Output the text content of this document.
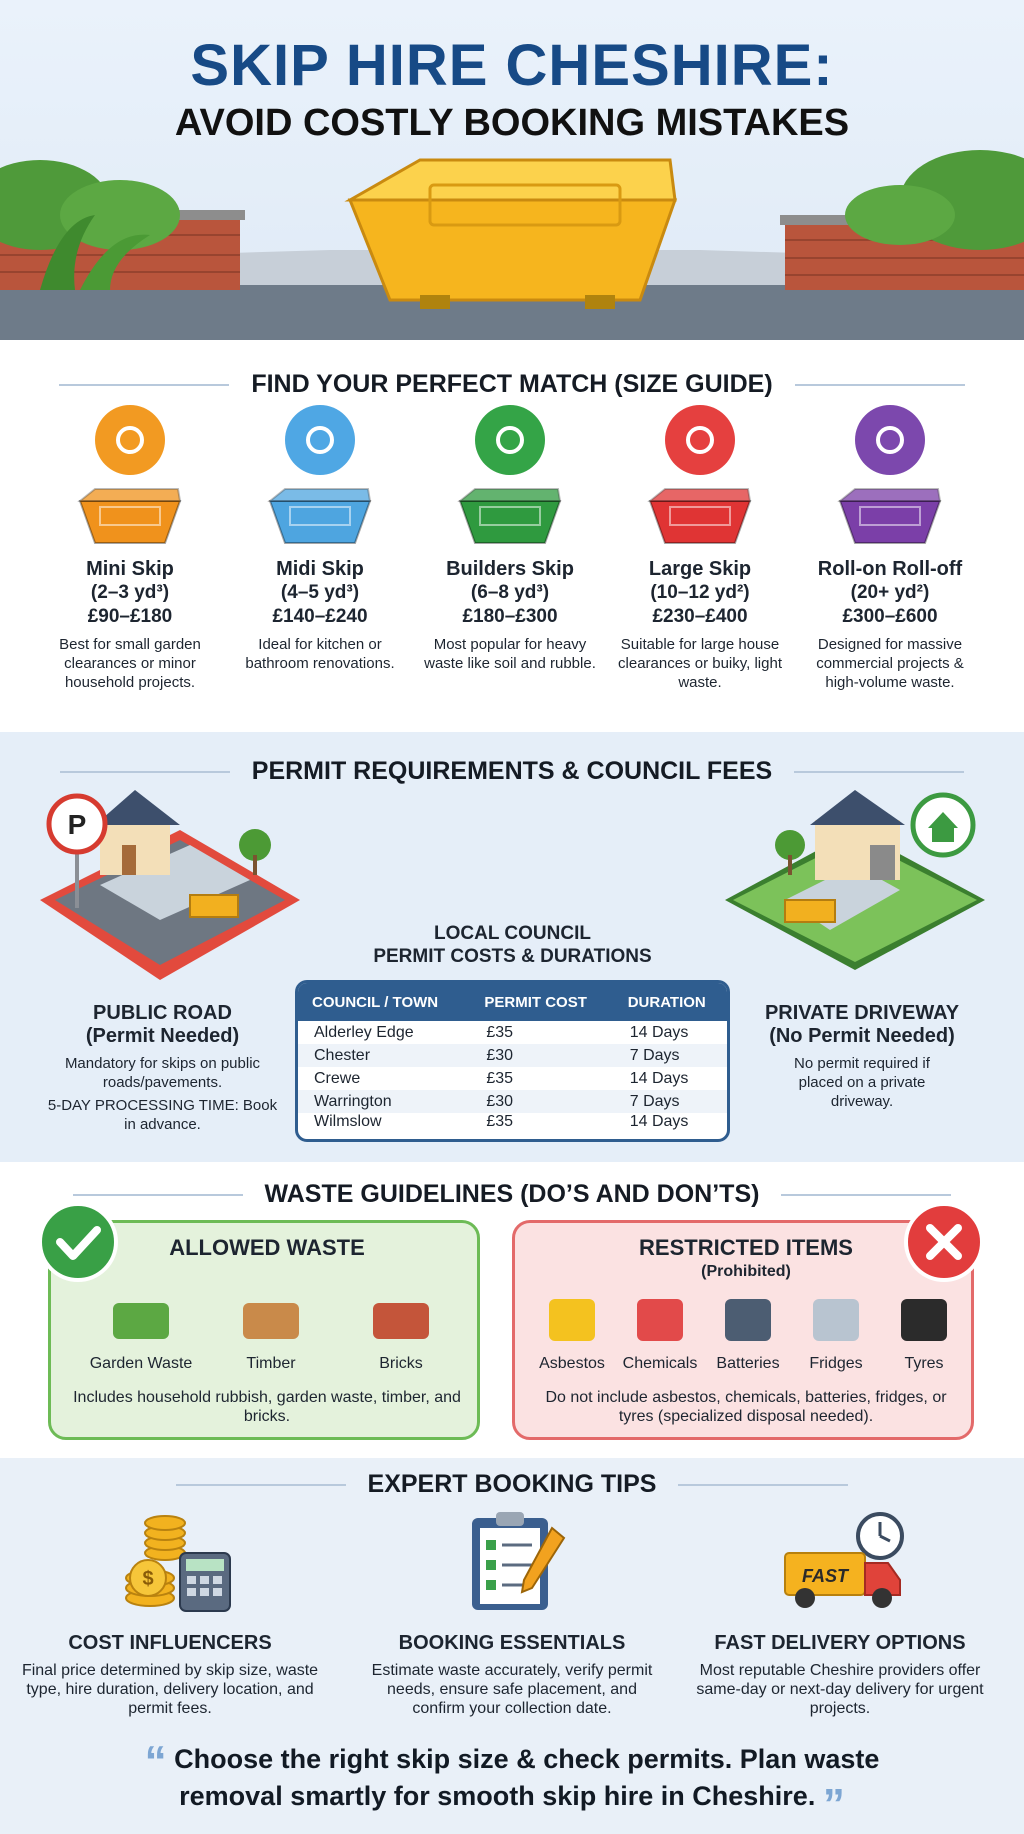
SKIP HIRE CHESHIRE:
AVOID COSTLY BOOKING MISTAKES
FIND YOUR PERFECT MATCH (SIZE GUIDE)
Mini Skip
(2–3 yd³)
£90–£180
Best for small garden clearances or minor household projects.
Midi Skip
(4–5 yd³)
£140–£240
Ideal for kitchen or bathroom renovations.
Builders Skip
(6–8 yd³)
£180–£300
Most popular for heavy waste like soil and rubble.
Large Skip
(10–12 yd²)
£230–£400
Suitable for large house clearances or buiky, light waste.
Roll-on Roll-off
(20+ yd²)
£300–£600
Designed for massive commercial projects & high-volume waste.
PERMIT REQUIREMENTS & COUNCIL FEES
P
PUBLIC ROAD
(Permit Needed)
Mandatory for skips on public roads/pavements.
5-DAY PROCESSING TIME: Book in advance.
LOCAL COUNCIL
PERMIT COSTS & DURATIONS
COUNCIL / TOWN	PERMIT COST	DURATION
Alderley Edge	£35	14 Days
Chester	£30	7 Days
Crewe	£35	14 Days
Warrington	£30	7 Days
Wilmslow	£35	14 Days
PRIVATE DRIVEWAY
(No Permit Needed)
No permit required if placed on a private driveway.
WASTE GUIDELINES (DO’S AND DON’TS)
ALLOWED WASTE
Garden Waste	Timber	Bricks
Includes household rubbish, garden waste, timber, and bricks.
RESTRICTED ITEMS
(Prohibited)
Asbestos	Chemicals	Batteries	Fridges	Tyres
Do not include asbestos, chemicals, batteries, fridges, or tyres (specialized disposal needed).
EXPERT BOOKING TIPS
$
COST INFLUENCERS
Final price determined by skip size, waste type, hire duration, delivery location, and permit fees.
BOOKING ESSENTIALS
Estimate waste accurately, verify permit needs, ensure safe placement, and confirm your collection date.
FAST
FAST DELIVERY OPTIONS
Most reputable Cheshire providers offer same-day or next-day delivery for urgent projects.
“ Choose the right skip size & check permits. Plan waste
removal smartly for smooth skip hire in Cheshire. ”
